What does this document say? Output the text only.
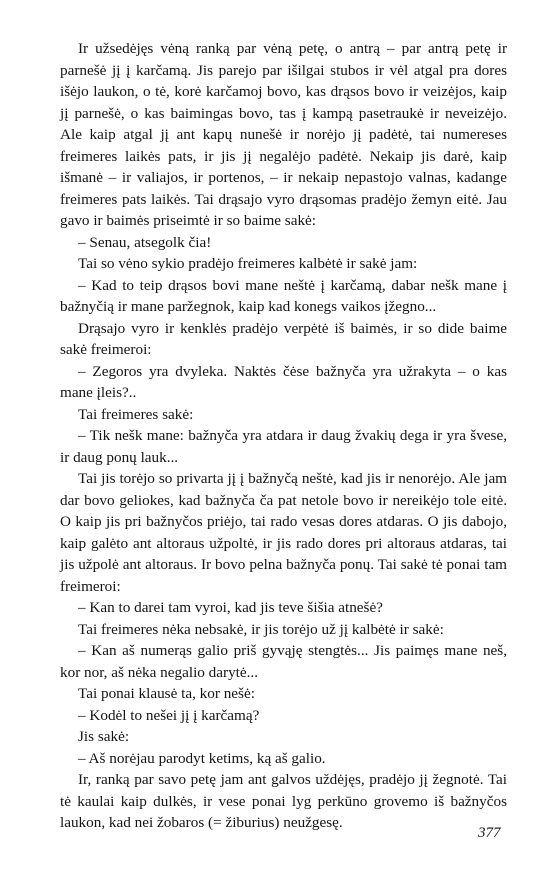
Ir užsedėjęs vėną ranką par vėną petę, o antrą – par antrą petę ir parnešė jį į karčamą. Jis parejo par išilgai stubos ir vėl atgal pra dores išėjo laukon, o tė, korė karčamoj bovo, kas drąsos bovo ir veizėjos, kaip jį parnešė, o kas baimingas bovo, tas į kampą pasetraukė ir neveizėjo. Ale kaip atgal jį ant kapų nunešė ir norėjo jį padėtė, tai numereses freimeres laikės pats, ir jis jį negalėjo padėtė. Nekaip jis darė, kaip išmanė – ir valiajos, ir portenos, – ir nekaip nepastojo valnas, kadange freimeres pats laikės. Tai drąsajo vyro drąsomas pradėjo žemyn eitė. Jau gavo ir baimės priseimtė ir so baime sakė:

– Senau, atsegolk čia!

Tai so vėno sykio pradėjo freimeres kalbėtė ir sakė jam:

– Kad to teip drąsos bovi mane neštė į karčamą, dabar nešk mane į bažnyčią ir mane paržegnok, kaip kad konegs vaikos įžegno...

Drąsajo vyro ir kenklės pradėjo verpėtė iš baimės, ir so dide baime sakė freimeroi:

– Zegoros yra dvyleka. Naktės čėse bažnyča yra užrakyta – o kas mane įleis?..

Tai freimeres sakė:

– Tik nešk mane: bažnyča yra atdara ir daug žvakių dega ir yra švese, ir daug ponų lauk...

Tai jis torėjo so privarta jį į bažnyčą neštė, kad jis ir nenorėjo. Ale jam dar bovo geliokes, kad bažnyča ča pat netole bovo ir nereikėjo tole eitė. O kaip jis pri bažnyčos priėjo, tai rado vesas dores atdaras. O jis dabojo, kaip galėto ant altoraus užpoltė, ir jis rado dores pri altoraus atdaras, tai jis užpolė ant altoraus. Ir bovo pelna bažnyča ponų. Tai sakė tė ponai tam freimeroi:

– Kan to darei tam vyroi, kad jis teve šišia atnešė?

Tai freimeres nėka nebsakė, ir jis torėjo už jį kalbėtė ir sakė:

– Kan aš numerąs galio priš gyvąję stengtės... Jis paimęs mane neš, kor nor, aš nėka negalio darytė...

Tai ponai klausė ta, kor nešė:

– Kodėl to nešei jį į karčamą?

Jis sakė:

– Aš norėjau parodyt ketims, ką aš galio.

Ir, ranką par savo petę jam ant galvos uždėjęs, pradėjo jį žegnotė. Tai tė kaulai kaip dulkės, ir vese ponai lyg perkūno grovemo iš bažnyčos laukon, kad nei žobaros (= žiburius) neužgesę.

377
